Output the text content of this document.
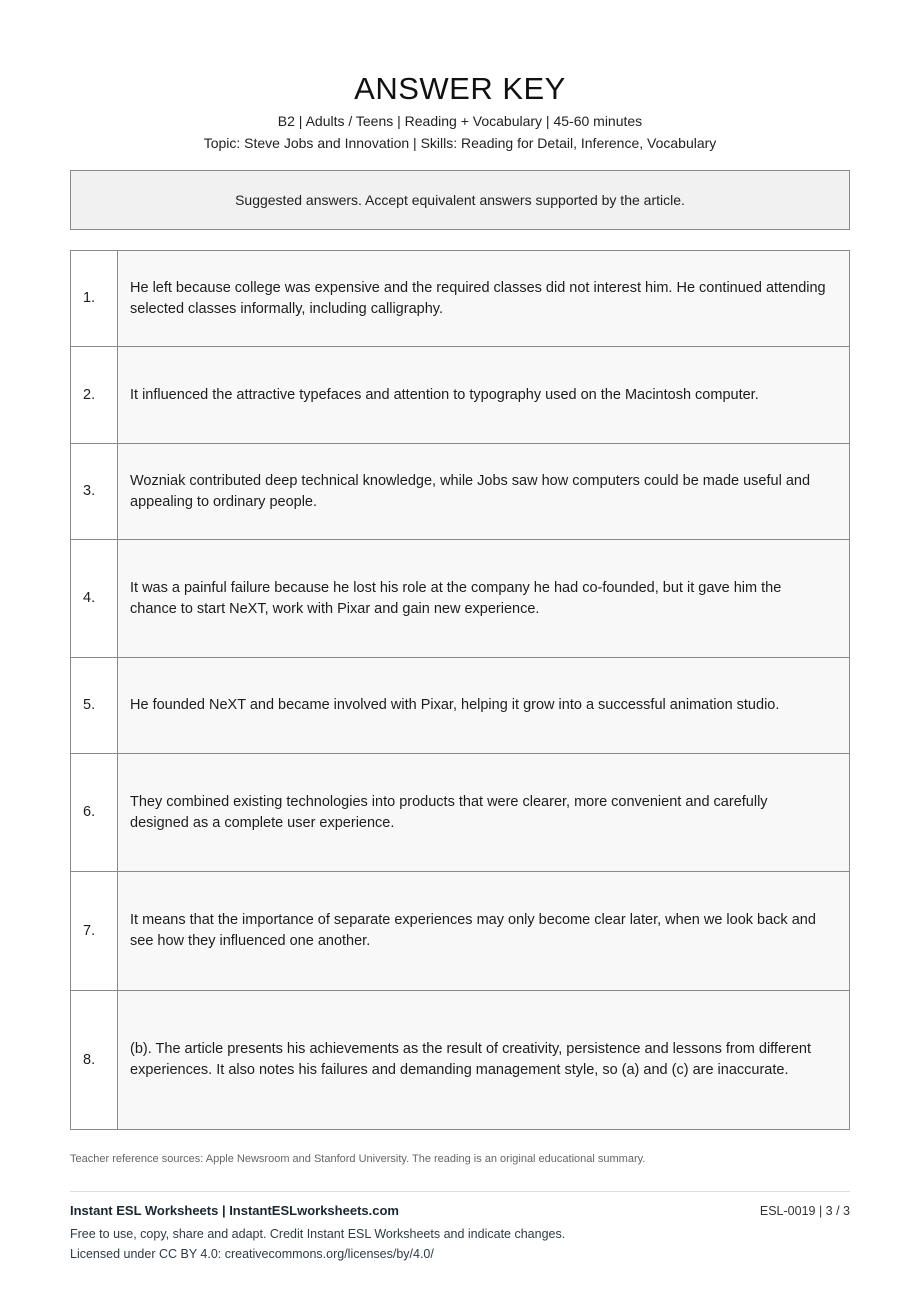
ANSWER KEY
B2 | Adults / Teens | Reading + Vocabulary | 45-60 minutes
Topic: Steve Jobs and Innovation | Skills: Reading for Detail, Inference, Vocabulary
Suggested answers. Accept equivalent answers supported by the article.
1.	He left because college was expensive and the required classes did not interest him. He continued attending selected classes informally, including calligraphy.
2.	It influenced the attractive typefaces and attention to typography used on the Macintosh computer.
3.	Wozniak contributed deep technical knowledge, while Jobs saw how computers could be made useful and appealing to ordinary people.
4.	It was a painful failure because he lost his role at the company he had co-founded, but it gave him the chance to start NeXT, work with Pixar and gain new experience.
5.	He founded NeXT and became involved with Pixar, helping it grow into a successful animation studio.
6.	They combined existing technologies into products that were clearer, more convenient and carefully designed as a complete user experience.
7.	It means that the importance of separate experiences may only become clear later, when we look back and see how they influenced one another.
8.	(b). The article presents his achievements as the result of creativity, persistence and lessons from different experiences. It also notes his failures and demanding management style, so (a) and (c) are inaccurate.
Teacher reference sources: Apple Newsroom and Stanford University. The reading is an original educational summary.
Instant ESL Worksheets | InstantESLworksheets.com	ESL-0019 | 3 / 3
Free to use, copy, share and adapt. Credit Instant ESL Worksheets and indicate changes.
Licensed under CC BY 4.0: creativecommons.org/licenses/by/4.0/
